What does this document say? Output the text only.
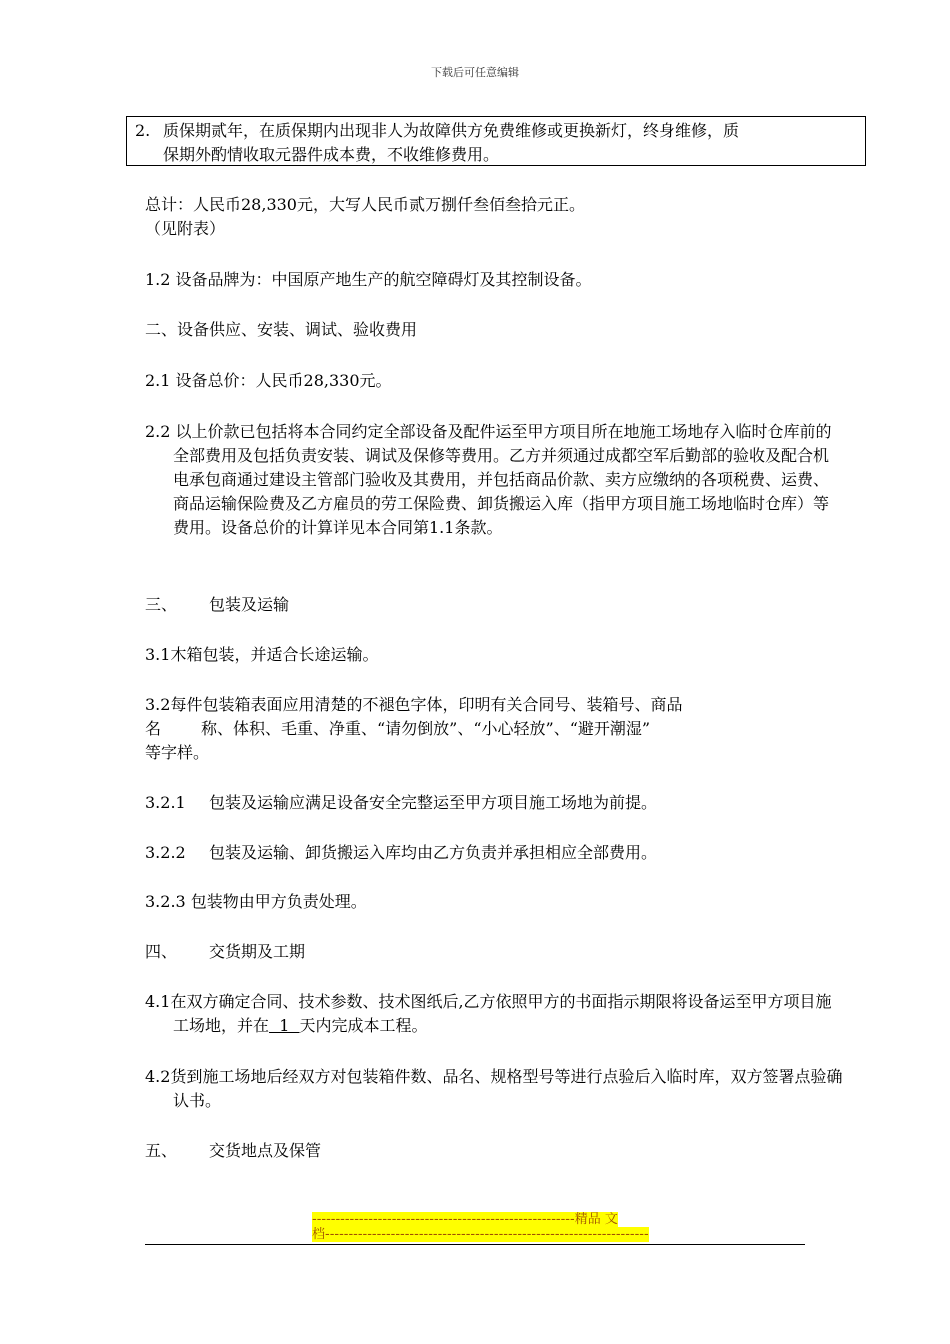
下载后可任意编辑
2. 质保期贰年，在质保期内出现非人为故障供方免费维修或更换新灯，终身维修，质
保期外酌情收取元器件成本费，不收维修费用。
总计：人民币28,330元，大写人民币贰万捌仟叁佰叁拾元正。
（见附表）

1.2 设备品牌为：中国原产地生产的航空障碍灯及其控制设备。

二、设备供应、安装、调试、验收费用

2.1 设备总价：人民币28,330元。

2.2 以上价款已包括将本合同约定全部设备及配件运至甲方项目所在地施工场地存入临时仓库前的全部费用及包括负责安装、调试及保修等费用。乙方并须通过成都空军后勤部的验收及配合机电承包商通过建设主管部门验收及其费用，并包括商品价款、卖方应缴纳的各项税费、运费、商品运输保险费及乙方雇员的劳工保险费、卸货搬运入库（指甲方项目施工场地临时仓库）等费用。设备总价的计算详见本合同第1.1条款。

三、 包装及运输

3.1木箱包装，并适合长途运输。

3.2每件包装箱表面应用清楚的不褪色字体，印明有关合同号、装箱号、商品
名 称、体积、毛重、净重、“请勿倒放”、“小心轻放”、“避开潮湿”
等字样。

3.2.1 包装及运输应满足设备安全完整运至甲方项目施工场地为前提。

3.2.2 包装及运输、卸货搬运入库均由乙方负责并承担相应全部费用。

3.2.3 包装物由甲方负责处理。

四、 交货期及工期

4.1在双方确定合同、技术参数、技术图纸后,乙方依照甲方的书面指示期限将设备运至甲方项目施工场地，并在  1  天内完成本工程。

4.2货到施工场地后经双方对包装箱件数、品名、规格型号等进行点验后入临时库，双方签署点验确认书。

五、 交货地点及保管

--------------------------------------------------------精品 文
档---------------------------------------------------------------------
